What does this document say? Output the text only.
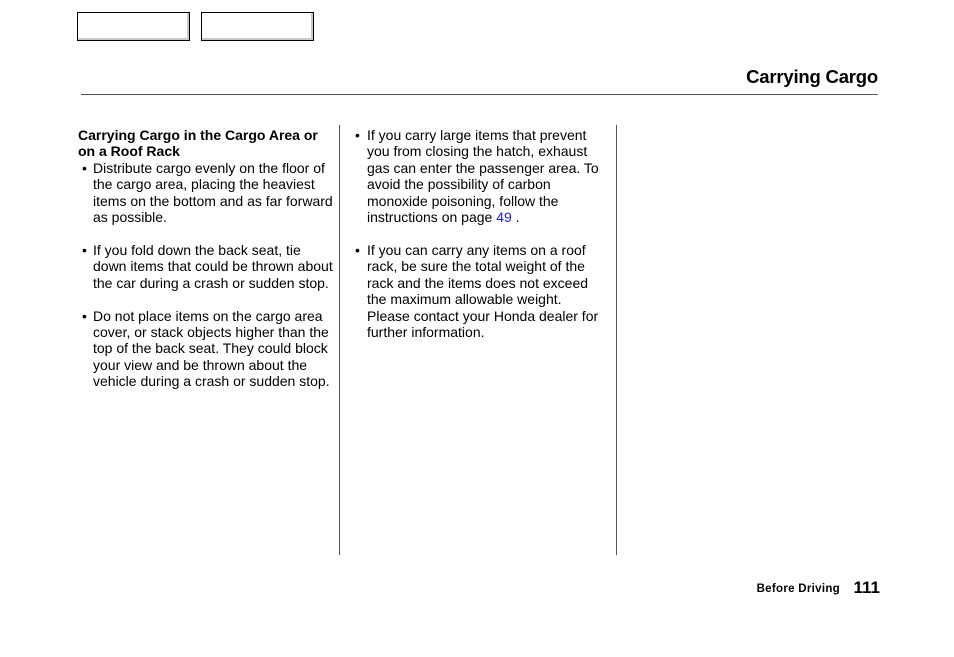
Carrying Cargo

Carrying Cargo in the Cargo Area or on a Roof Rack

• Distribute cargo evenly on the floor of the cargo area, placing the heaviest items on the bottom and as far forward as possible.

• If you fold down the back seat, tie down items that could be thrown about the car during a crash or sudden stop.

• Do not place items on the cargo area cover, or stack objects higher than the top of the back seat. They could block your view and be thrown about the vehicle during a crash or sudden stop.

• If you carry large items that prevent you from closing the hatch, exhaust gas can enter the passenger area. To avoid the possibility of carbon monoxide poisoning, follow the instructions on page 49 .

• If you can carry any items on a roof rack, be sure the total weight of the rack and the items does not exceed the maximum allowable weight. Please contact your Honda dealer for further information.

Before Driving 111
